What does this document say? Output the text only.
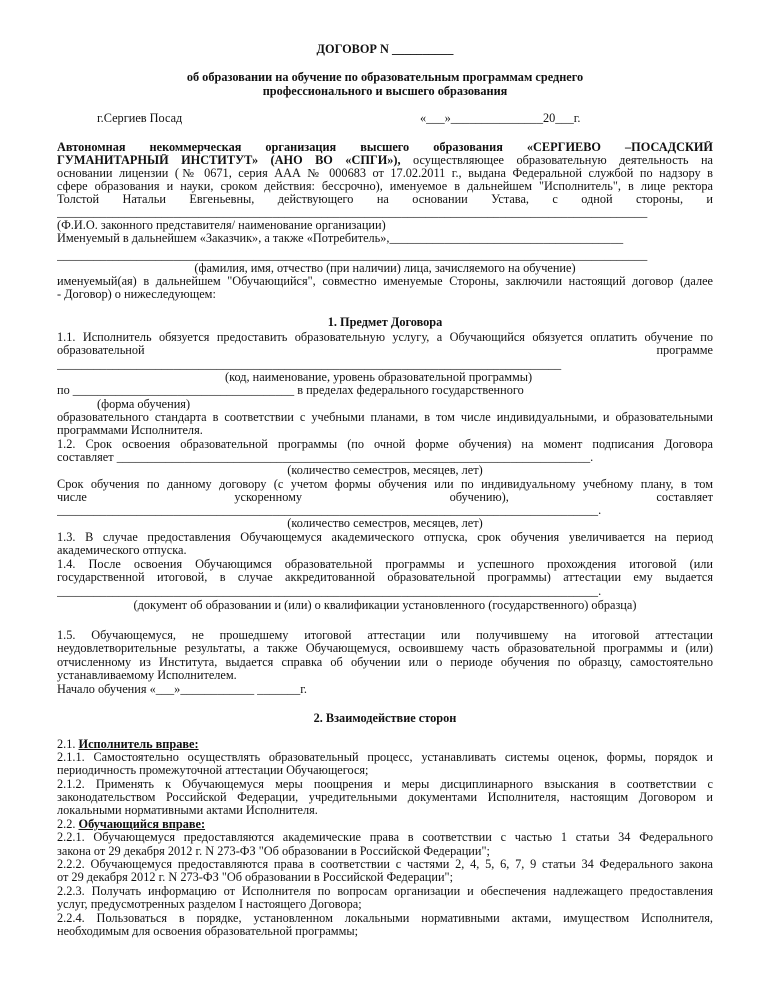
ДОГОВОР N __________
об образовании на обучение по образовательным программам среднего
профессионального и высшего образования
г.Сергиев Посад	«___»_______________20___г.
Автономная некоммерческая организация высшего образования «СЕРГИЕВО –ПОСАДСКИЙ
ГУМАНИТАРНЫЙ ИНСТИТУТ» (АНО ВО «СПГИ»), осуществляющее образовательную деятельность на
основании лицензии (№ 0671, серия ААА № 000683 от 17.02.2011 г., выдана Федеральной службой по надзору в
сфере образования и науки, сроком действия: бессрочно), именуемое в дальнейшем "Исполнитель", в лице ректора
Толстой Натальи Евгеньевны, действующего на основании Устава, с одной стороны, и
________________________________________________________________________________________________
(Ф.И.О. законного представителя/ наименование организации)
Именуемый в дальнейшем «Заказчик», а также «Потребитель»,______________________________________
________________________________________________________________________________________________
(фамилия, имя, отчество (при наличии) лица, зачисляемого на обучение)
именуемый(ая) в дальнейшем "Обучающийся", совместно именуемые Стороны, заключили настоящий договор (далее
- Договор) о нижеследующем:
1. Предмет Договора
1.1. Исполнитель обязуется предоставить образовательную услугу, а Обучающийся обязуется оплатить обучение по
образовательной	программе
__________________________________________________________________________________
(код, наименование, уровень образовательной программы)
по ____________________________________ в пределах федерального государственного
(форма обучения)
образовательного стандарта в соответствии с учебными планами, в том числе индивидуальными, и образовательными
программами Исполнителя.
1.2. Срок освоения образовательной программы (по очной форме обучения) на момент подписания Договора
составляет _____________________________________________________________________________.
(количество семестров, месяцев, лет)
Срок обучения по данному договору (с учетом формы обучения или по индивидуальному учебному плану, в том
числе ускоренному обучению), составляет
________________________________________________________________________________________.
(количество семестров, месяцев, лет)
1.3. В случае предоставления Обучающемуся академического отпуска, срок обучения увеличивается на период
академического отпуска.
1.4. После освоения Обучающимся образовательной программы и успешного прохождения итоговой (или
государственной итоговой, в случае аккредитованной образовательной программы) аттестации ему выдается
________________________________________________________________________________________.
(документ об образовании и (или) о квалификации установленного (государственного) образца)
1.5. Обучающемуся, не прошедшему итоговой аттестации или получившему на итоговой аттестации
неудовлетворительные результаты, а также Обучающемуся, освоившему часть образовательной программы и (или)
отчисленному из Института, выдается справка об обучении или о периоде обучения по образцу, самостоятельно
устанавливаемому Исполнителем.
Начало обучения «___»____________ _______г.
2. Взаимодействие сторон
2.1. Исполнитель вправе:
2.1.1. Самостоятельно осуществлять образовательный процесс, устанавливать системы оценок, формы, порядок и
периодичность промежуточной аттестации Обучающегося;
2.1.2. Применять к Обучающемуся меры поощрения и меры дисциплинарного взыскания в соответствии с
законодательством Российской Федерации, учредительными документами Исполнителя, настоящим Договором и
локальными нормативными актами Исполнителя.
2.2. Обучающийся вправе:
2.2.1. Обучающемуся предоставляются академические права в соответствии с частью 1 статьи 34 Федерального
закона от 29 декабря 2012 г. N 273-ФЗ "Об образовании в Российской Федерации";
2.2.2. Обучающемуся предоставляются права в соответствии с частями 2, 4, 5, 6, 7, 9 статьи 34 Федерального закона
от 29 декабря 2012 г. N 273-ФЗ "Об образовании в Российской Федерации";
2.2.3. Получать информацию от Исполнителя по вопросам организации и обеспечения надлежащего предоставления
услуг, предусмотренных разделом I настоящего Договора;
2.2.4. Пользоваться в порядке, установленном локальными нормативными актами, имуществом Исполнителя,
необходимым для освоения образовательной программы;
